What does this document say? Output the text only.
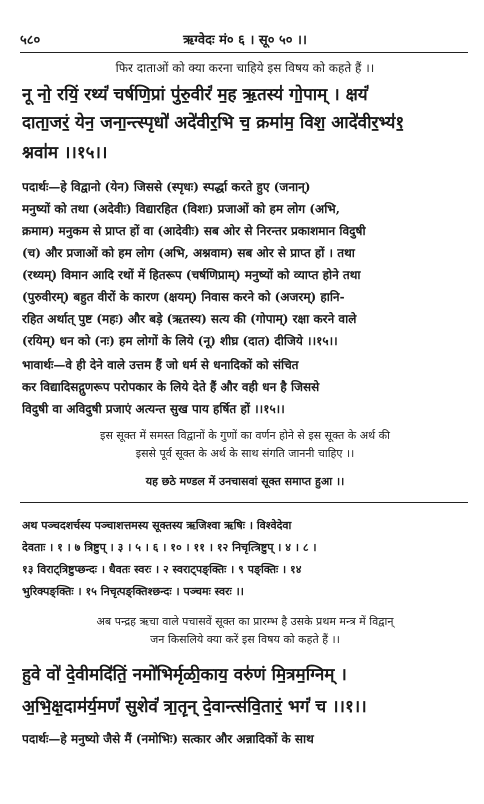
५८०	ऋग्वेदः मं० ६ । सू० ५० ।।
फिर दाताओं को क्या करना चाहिये इस विषय को कहते हैं ।।
नू नो॒ रयिं॒ रथ्यं॑ चर्षणि॒प्रां पु॑रु॒वीरं॑ म॒ह ऋ॒तस्य॑ गो॒पाम् । क्षयं॑
दाता॒जरं॒ येन॒ जना॒न्त्स्पृधो॑ अदे॑वीर॒भि च॒ क्रमा॑म॒ विश॒ आदे॑वीर॒भ्य॑१॒
श्नवा॑म ।।१५।।
पदार्थः—हे विद्वानो (येन) जिससे (स्पृधः) स्पर्द्धा करते हुए (जनान्)
मनुष्यों को तथा (अदेवीः) विद्यारहित (विशः) प्रजाओं को हम लोग (अभि,
क्रमाम) मनुकम से प्राप्त हों वा (आदेवीः) सब ओर से निरन्तर प्रकाशमान विदुषी
(च) और प्रजाओं को हम लोग (अभि, अश्नवाम) सब ओर से प्राप्त हों । तथा
(रथ्यम्) विमान आदि रथों में हितरूप (चर्षणिप्राम्) मनुष्यों को व्याप्त होने तथा
(पुरुवीरम्) बहुत वीरों के कारण (क्षयम्) निवास करने को (अजरम्) हानि-
रहित अर्थात् पुष्ट (महः) और बड़े (ऋतस्य) सत्य की (गोपाम्) रक्षा करने वाले
(रयिम्) धन को (नः) हम लोगों के लिये (नू) शीघ्र (दात) दीजिये ।।१५।।
भावार्थः—वे ही देने वाले उत्तम हैं जो धर्म से धनादिकों को संचित
कर विद्यादिसद्गुणरूप परोपकार के लिये देते हैं और वही धन है जिससे
विदुषी वा अविदुषी प्रजाएं अत्यन्त सुख पाय हर्षित हों ।।१५।।
इस सूक्त में समस्त विद्वानों के गुणों का वर्णन होने से इस सूक्त के अर्थ की
इससे पूर्व सूक्त के अर्थ के साथ संगति जाननी चाहिए ।।
यह छठे मण्डल में उनचासवां सूक्त समाप्त हुआ ।।
अथ पञ्चदशर्चस्य पञ्चाशत्तमस्य सूक्तस्य ऋजिश्वा ऋषिः । विश्वेदेवा
देवताः । १ । ७ त्रिष्टुप् । ३ । ५ । ६ । १० । ११ । १२ निचृत्त्रिष्टुप् । ४ । ८ ।
१३ विराट्त्रिष्टुप्छन्दः । धैवतः स्वरः । २ स्वराट्पङ्क्तिः । ९ पङ्क्तिः । १४
भुरिक्पङ्क्तिः । १५ निचृत्पङ्क्तिश्छन्दः । पञ्चमः स्वरः ।।
अब पन्द्रह ऋचा वाले पचासवें सूक्त का प्रारम्भ है उसके प्रथम मन्त्र में विद्वान्
जन किसलिये क्या करें इस विषय को कहते हैं ।।
हुवे वो॑ दे॒वीमदि॑तिं॒ नमो॑भिर्मृळी॒काय॒ वरु॑णं मि॒त्रम॒ग्निम् ।
अ॒भि॒क्ष॒दाम॑र्य॒मणं॑ सु॒शेवं॑ त्रा॒तॄन् दे॒वान्त्स॑वि॒तारं॒ भगं॑ च ।।१।।
पदार्थः—हे मनुष्यो जैसे मैं (नमोभिः) सत्कार और अन्नादिकों के साथ
